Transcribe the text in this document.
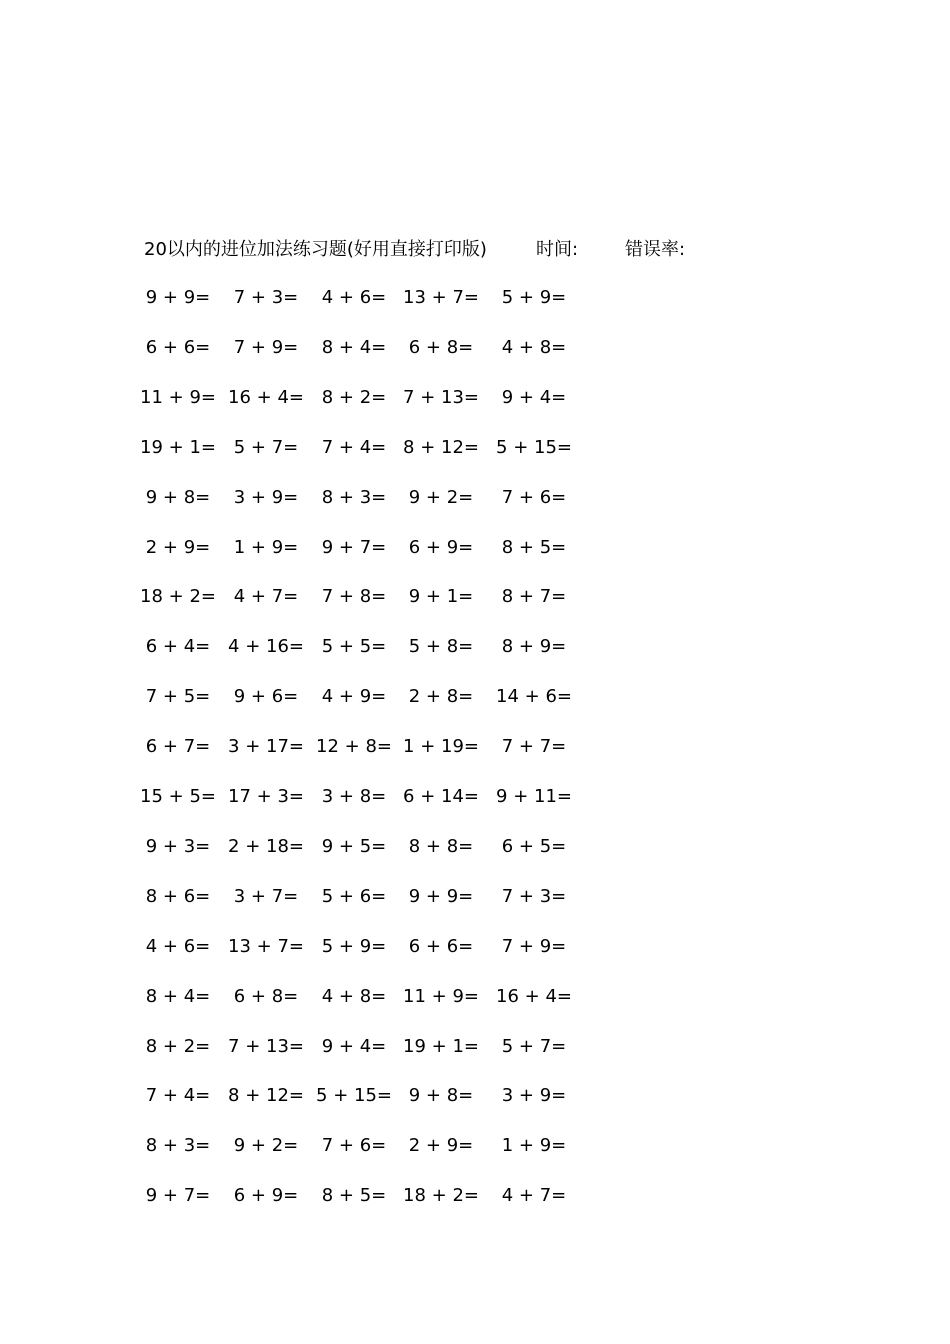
20以内的进位加法练习题(好用直接打印版)	时间:	错误率:
9 + 9=	7 + 3=	4 + 6= 13 + 7=	5 + 9=
6 + 6=	7 + 9=	8 + 4=	6 + 8=	4 + 8=
11 + 9= 16 + 4= 8 + 2= 7 + 13=	9 + 4=
19 + 1= 5 + 7=	7 + 4= 8 + 12= 5 + 15=
9 + 8=	3 + 9=	8 + 3=	9 + 2=	7 + 6=
2 + 9=	1 + 9=	9 + 7=	6 + 9=	8 + 5=
18 + 2= 4 + 7=	7 + 8=	9 + 1=	8 + 7=
6 + 4= 4 + 16= 5 + 5=	5 + 8=	8 + 9=
7 + 5=	9 + 6=	4 + 9=	2 + 8=	14 + 6=
6 + 7= 3 + 17= 12 + 8= 1 + 19=	7 + 7=
15 + 5= 17 + 3= 3 + 8= 6 + 14= 9 + 11=
9 + 3= 2 + 18= 9 + 5=	8 + 8=	6 + 5=
8 + 6=	3 + 7=	5 + 6=	9 + 9=	7 + 3=
4 + 6= 13 + 7= 5 + 9=	6 + 6=	7 + 9=
8 + 4=	6 + 8=	4 + 8= 11 + 9= 16 + 4=
8 + 2= 7 + 13= 9 + 4= 19 + 1=	5 + 7=
7 + 4= 8 + 12= 5 + 15= 9 + 8=	3 + 9=
8 + 3=	9 + 2=	7 + 6=	2 + 9=	1 + 9=
9 + 7=	6 + 9=	8 + 5= 18 + 2=	4 + 7=
